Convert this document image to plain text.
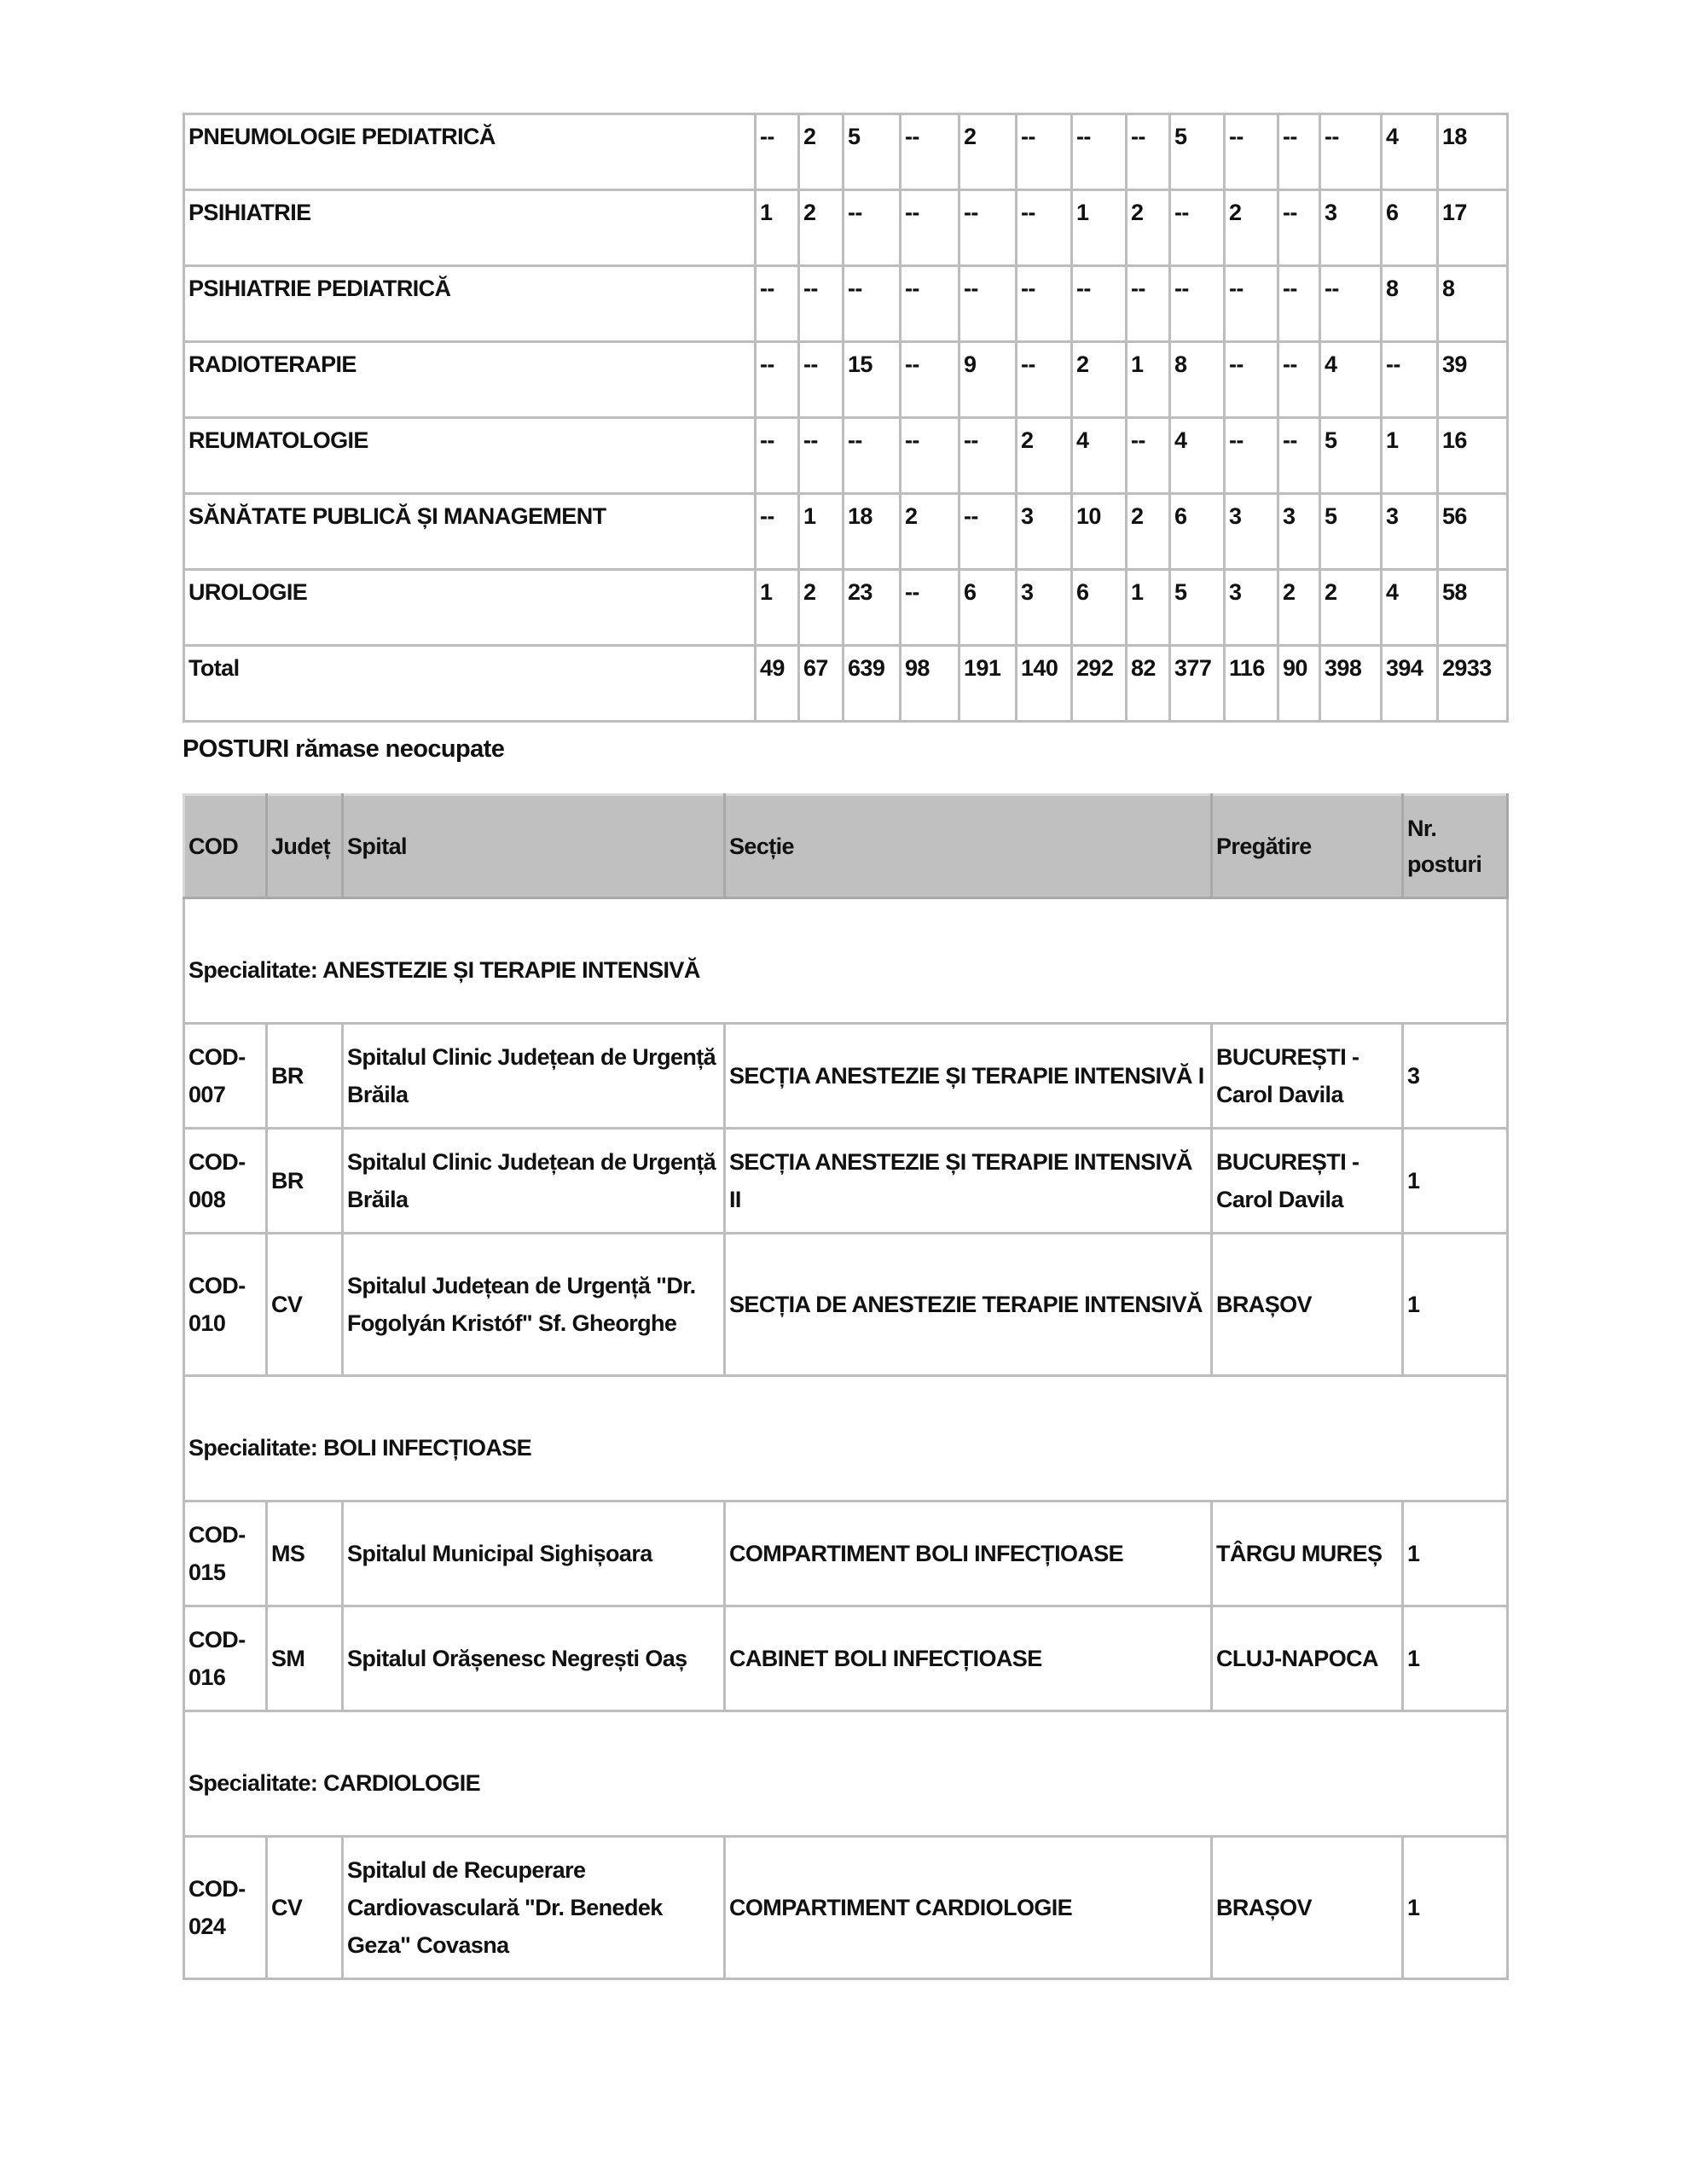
PNEUMOLOGIE PEDIATRICĂ	--	2	5	--	2	--	--	--	5	--	--	--	4	18
PSIHIATRIE	1	2	--	--	--	--	1	2	--	2	--	3	6	17
PSIHIATRIE PEDIATRICĂ	--	--	--	--	--	--	--	--	--	--	--	--	8	8
RADIOTERAPIE	--	--	15	--	9	--	2	1	8	--	--	4	--	39
REUMATOLOGIE	--	--	--	--	--	2	4	--	4	--	--	5	1	16
SĂNĂTATE PUBLICĂ ȘI MANAGEMENT	--	1	18	2	--	3	10	2	6	3	3	5	3	56
UROLOGIE	1	2	23	--	6	3	6	1	5	3	2	2	4	58
Total	49	67	639	98	191	140	292	82	377	116	90	398	394	2933
POSTURI rămase neocupate
COD	Județ	Spital	Secție	Pregătire	Nr. posturi
Specialitate: ANESTEZIE ȘI TERAPIE INTENSIVĂ					
COD-007	BR	Spitalul Clinic Județean de Urgență Brăila	SECȚIA ANESTEZIE ȘI TERAPIE INTENSIVĂ I	BUCUREȘTI - Carol Davila	3
COD-008	BR	Spitalul Clinic Județean de Urgență Brăila	SECȚIA ANESTEZIE ȘI TERAPIE INTENSIVĂ II	BUCUREȘTI - Carol Davila	1
COD-010	CV	Spitalul Județean de Urgență "Dr. Fogolyán Kristóf" Sf. Gheorghe	SECȚIA DE ANESTEZIE TERAPIE INTENSIVĂ	BRAȘOV	1
Specialitate: BOLI INFECȚIOASE					
COD-015	MS	Spitalul Municipal Sighișoara	COMPARTIMENT BOLI INFECȚIOASE	TÂRGU MUREȘ	1
COD-016	SM	Spitalul Orășenesc Negrești Oaș	CABINET BOLI INFECȚIOASE	CLUJ-NAPOCA	1
Specialitate: CARDIOLOGIE					
COD-024	CV	Spitalul de Recuperare Cardiovasculară "Dr. Benedek Geza" Covasna	COMPARTIMENT CARDIOLOGIE	BRAȘOV	1
